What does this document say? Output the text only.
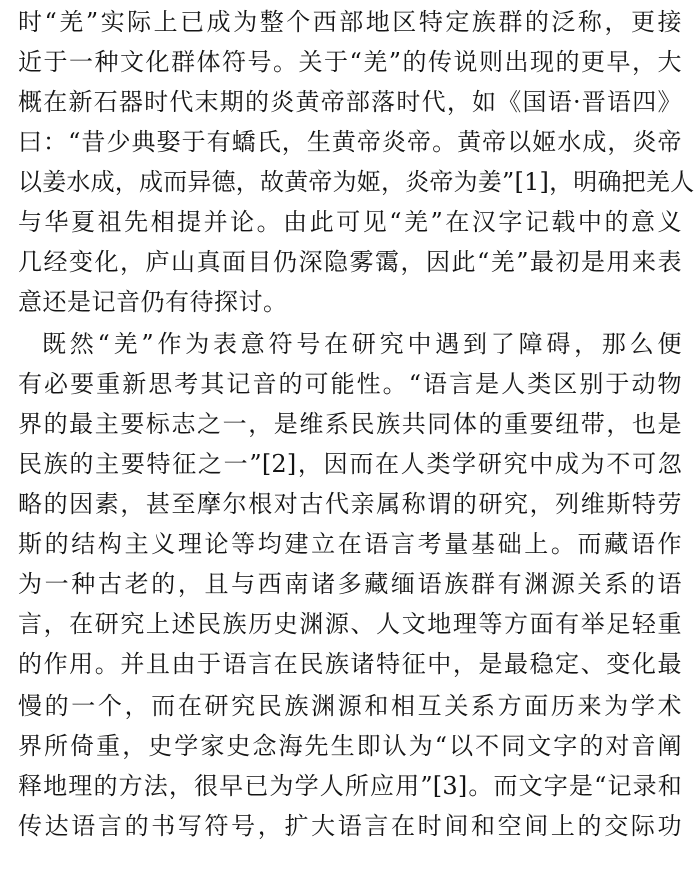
时“羌”实际上已成为整个西部地区特定族群的泛称，更接
近于一种文化群体符号。关于“羌”的传说则出现的更早，大
概在新石器时代末期的炎黄帝部落时代，如《国语·晋语四》
曰：“昔少典娶于有蟜氏，生黄帝炎帝。黄帝以姬水成，炎帝
以姜水成，成而异德，故黄帝为姬，炎帝为姜”[1]，明确把羌人
与华夏祖先相提并论。由此可见“羌”在汉字记载中的意义
几经变化，庐山真面目仍深隐雾霭，因此“羌”最初是用来表
意还是记音仍有待探讨。
既然“羌”作为表意符号在研究中遇到了障碍，那么便
有必要重新思考其记音的可能性。“语言是人类区别于动物
界的最主要标志之一，是维系民族共同体的重要纽带，也是
民族的主要特征之一”[2]，因而在人类学研究中成为不可忽
略的因素，甚至摩尔根对古代亲属称谓的研究，列维斯特劳
斯的结构主义理论等均建立在语言考量基础上。而藏语作
为一种古老的，且与西南诸多藏缅语族群有渊源关系的语
言，在研究上述民族历史渊源、人文地理等方面有举足轻重
的作用。并且由于语言在民族诸特征中，是最稳定、变化最
慢的一个，而在研究民族渊源和相互关系方面历来为学术
界所倚重，史学家史念海先生即认为“以不同文字的对音阐
释地理的方法，很早已为学人所应用”[3]。而文字是“记录和
传达语言的书写符号，扩大语言在时间和空间上的交际功
